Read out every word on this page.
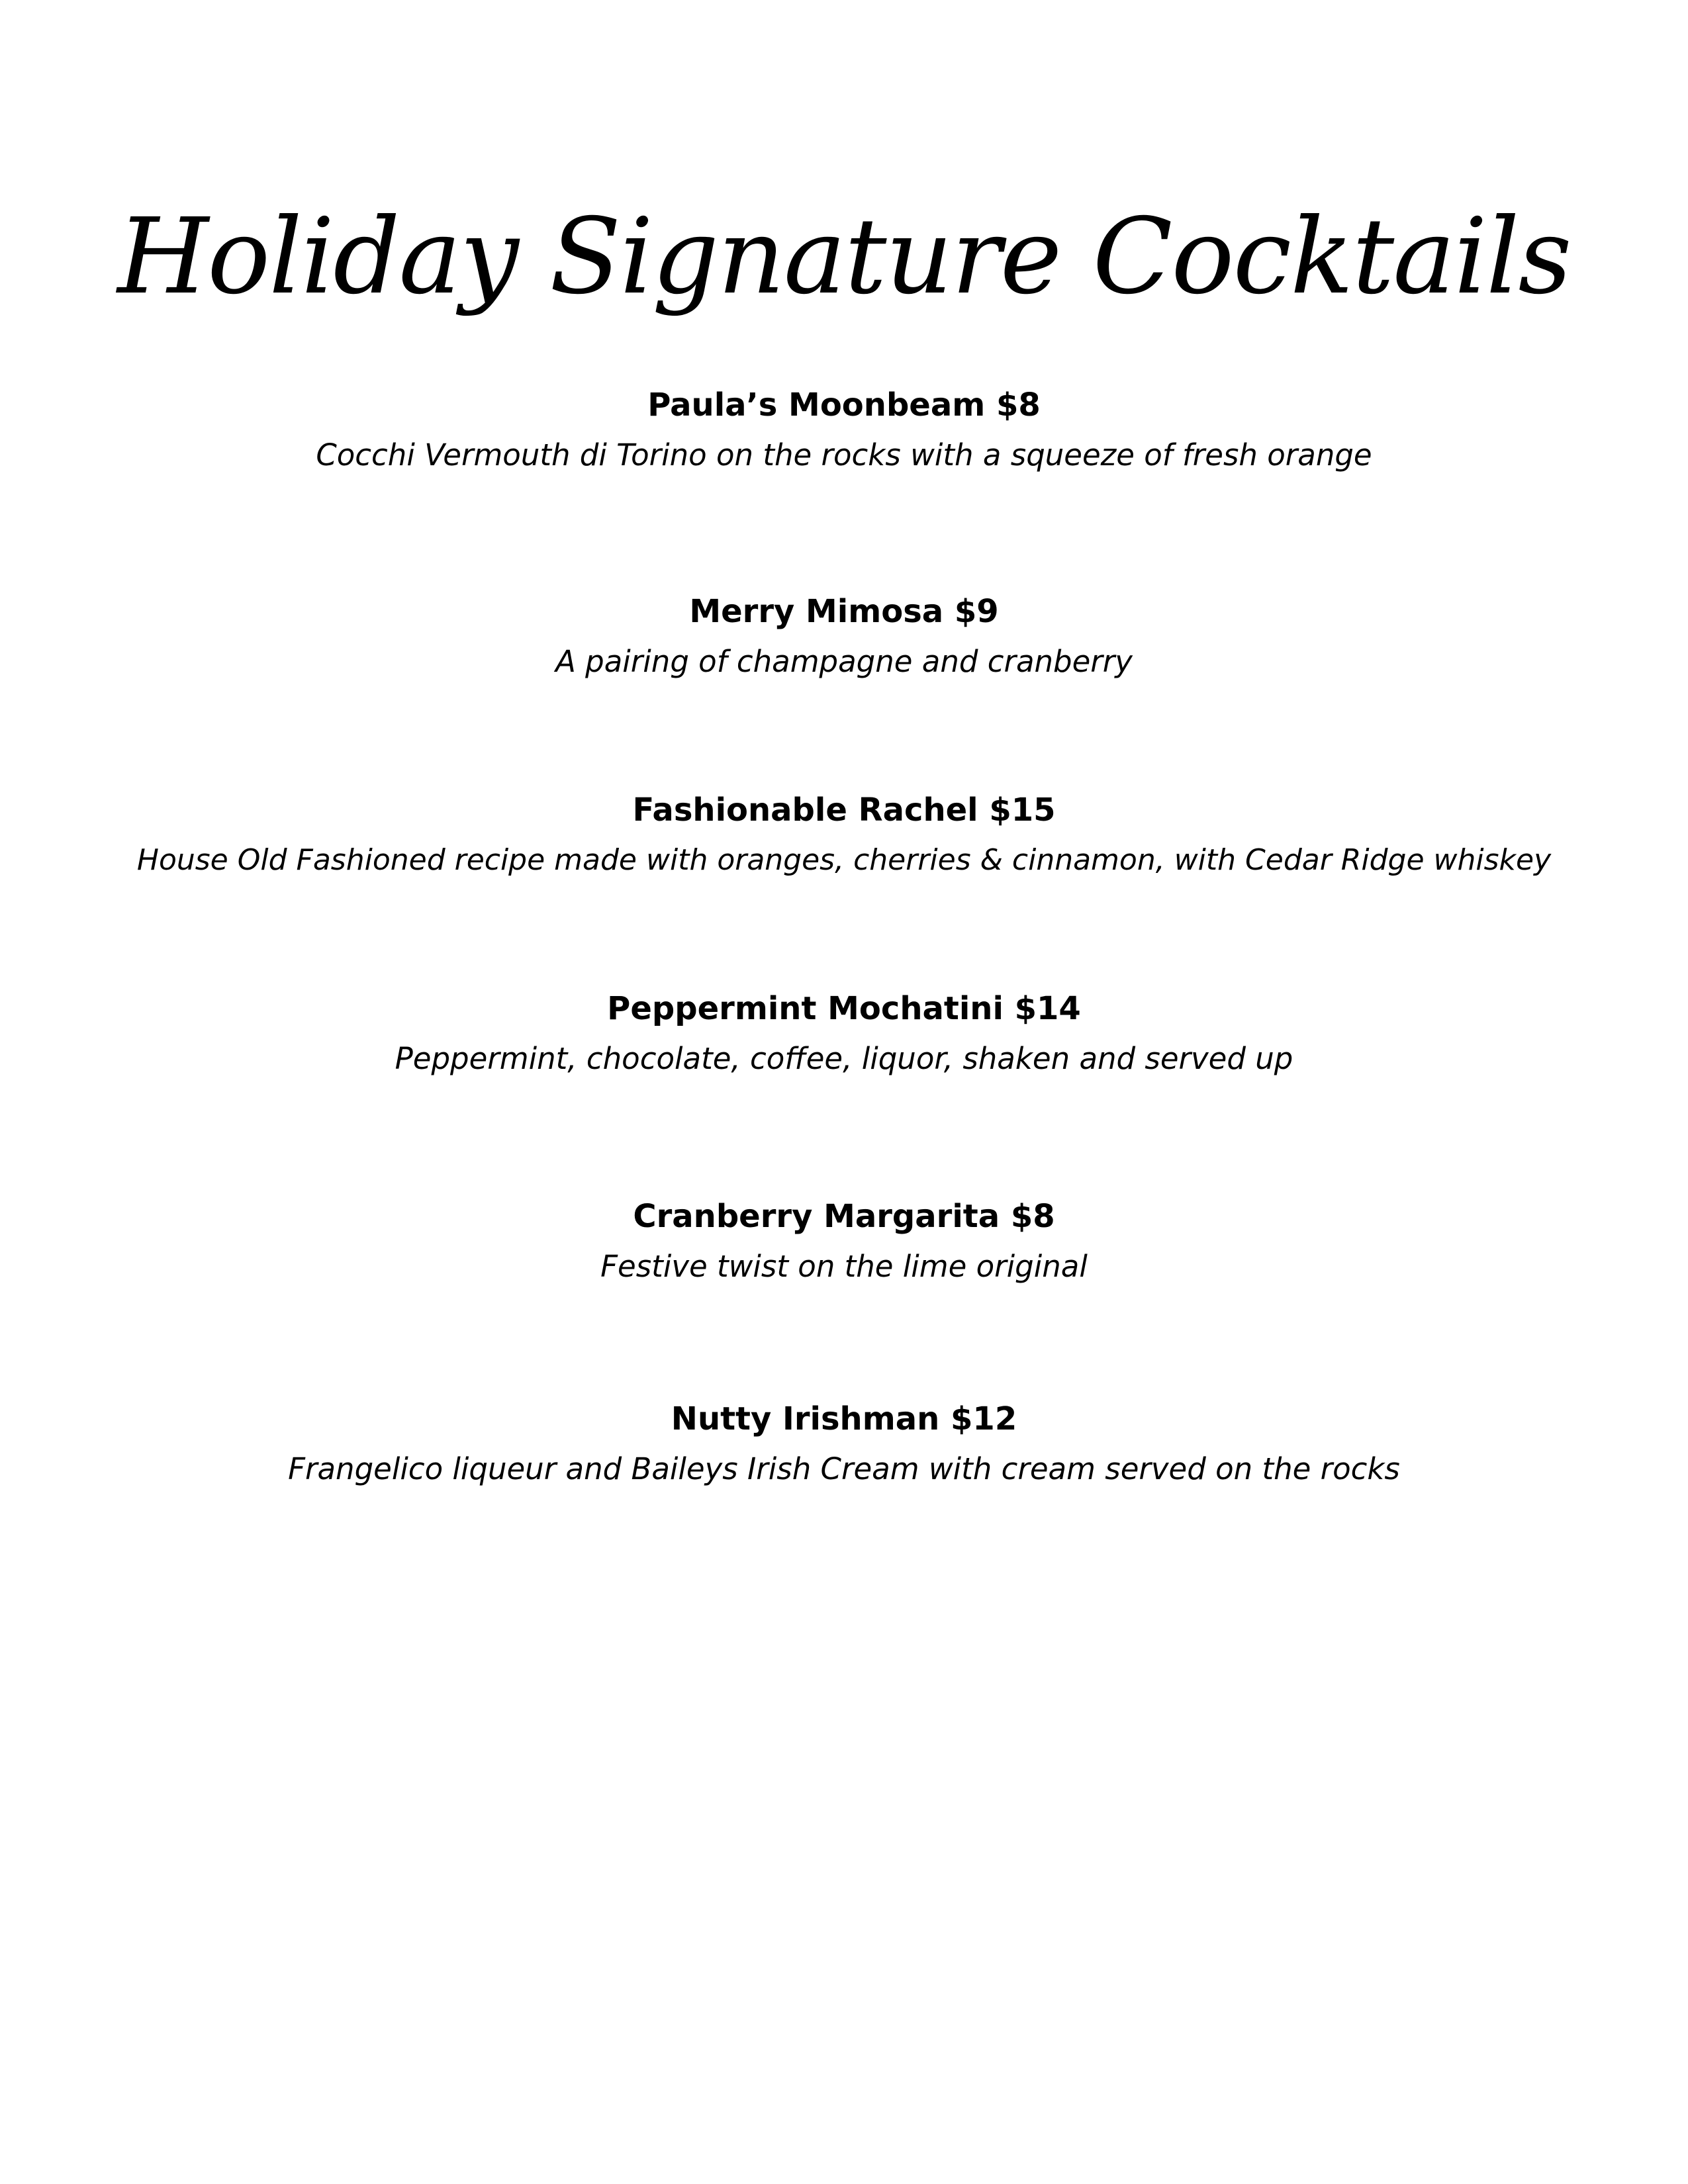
Holiday Signature Cocktails
Paula’s Moonbeam $8
Cocchi Vermouth di Torino on the rocks with a squeeze of fresh orange
Merry Mimosa $9
A pairing of champagne and cranberry
Fashionable Rachel $15
House Old Fashioned recipe made with oranges, cherries & cinnamon, with Cedar Ridge whiskey
Peppermint Mochatini $14
Peppermint, chocolate, coffee, liquor, shaken and served up
Cranberry Margarita $8
Festive twist on the lime original
Nutty Irishman $12
Frangelico liqueur and Baileys Irish Cream with cream served on the rocks
